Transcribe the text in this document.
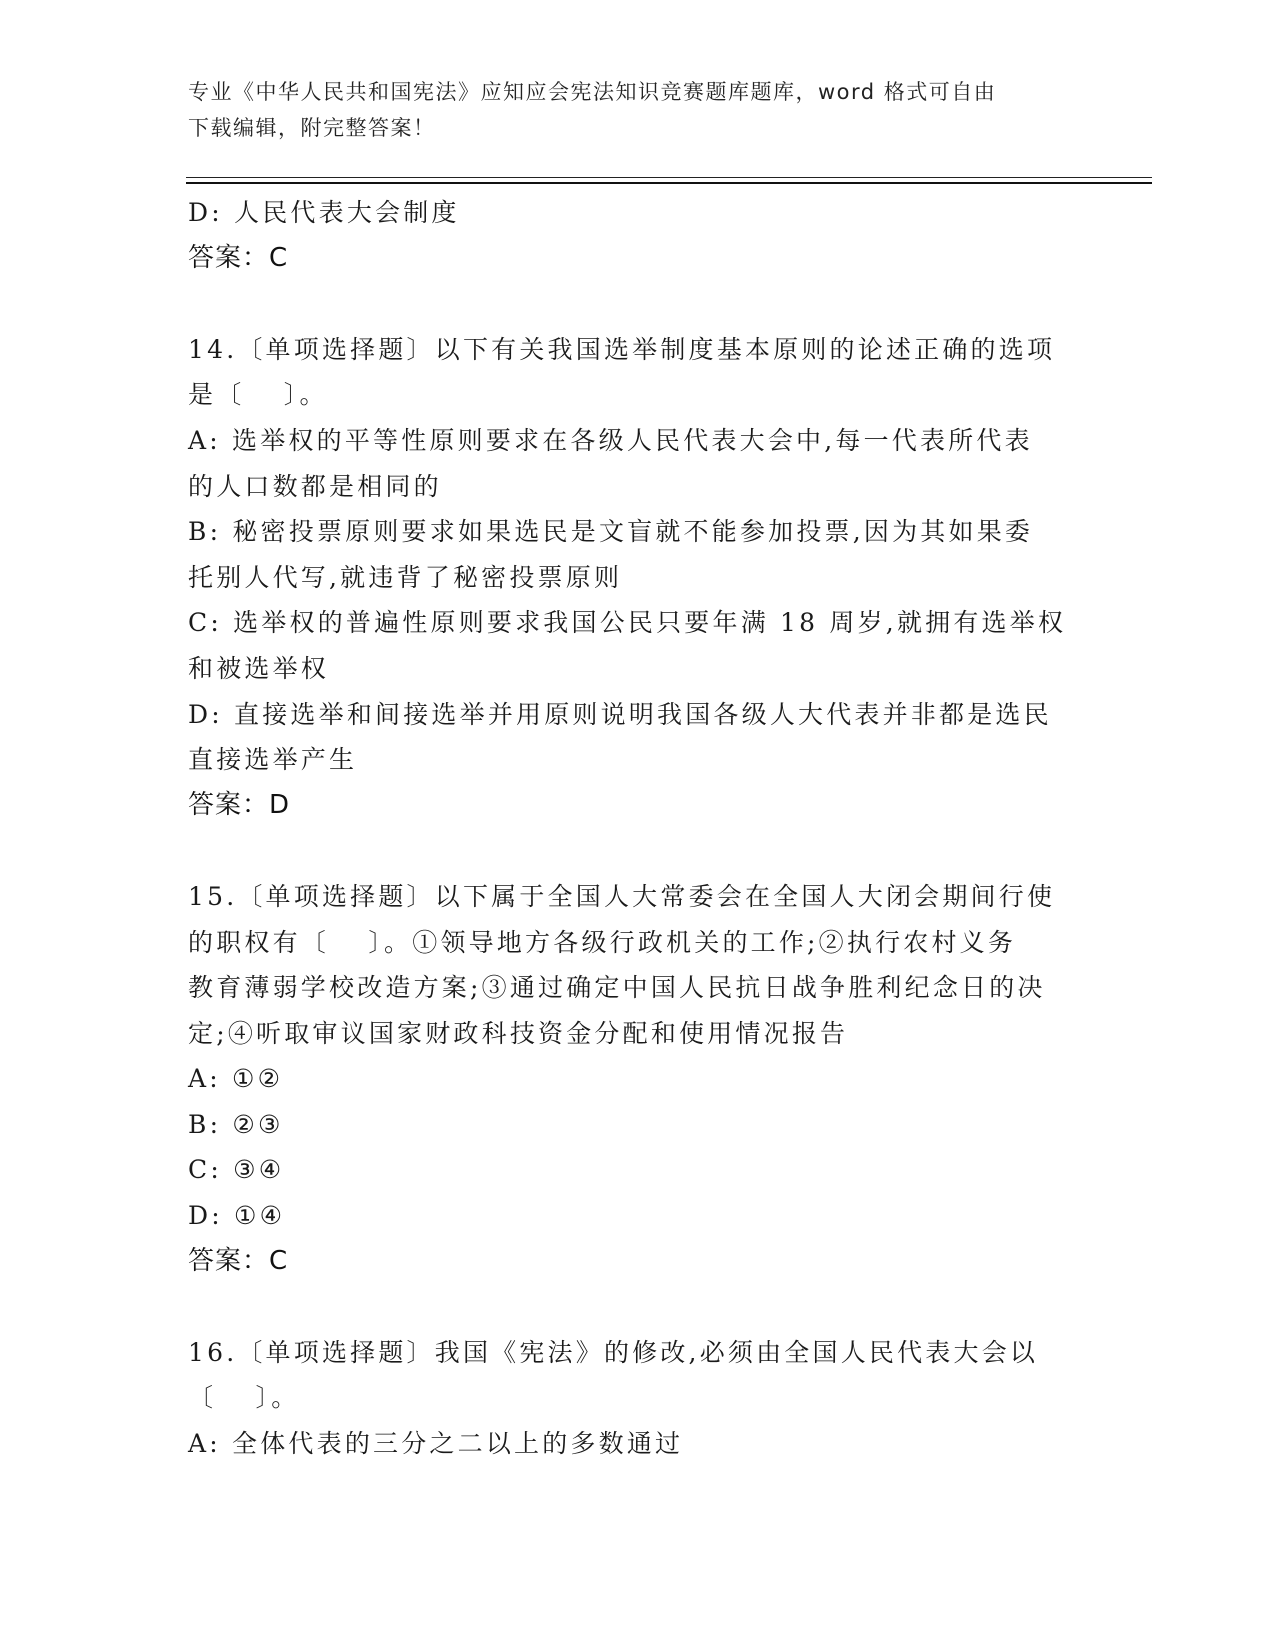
专业《中华人民共和国宪法》应知应会宪法知识竞赛题库题库，word 格式可自由
下载编辑，附完整答案！
D: 人民代表大会制度
答案：C
14.〔单项选择题〕以下有关我国选举制度基本原则的论述正确的选项
是〔　 〕。
A: 选举权的平等性原则要求在各级人民代表大会中,每一代表所代表
的人口数都是相同的
B: 秘密投票原则要求如果选民是文盲就不能参加投票,因为其如果委
托别人代写,就违背了秘密投票原则
C: 选举权的普遍性原则要求我国公民只要年满 18 周岁,就拥有选举权
和被选举权
D: 直接选举和间接选举并用原则说明我国各级人大代表并非都是选民
直接选举产生
答案：D
15.〔单项选择题〕以下属于全国人大常委会在全国人大闭会期间行使
的职权有〔　 〕。①领导地方各级行政机关的工作;②执行农村义务
教育薄弱学校改造方案;③通过确定中国人民抗日战争胜利纪念日的决
定;④听取审议国家财政科技资金分配和使用情况报告
A: ①②
B: ②③
C: ③④
D: ①④
答案：C
16.〔单项选择题〕我国《宪法》的修改,必须由全国人民代表大会以
〔　 〕。
A: 全体代表的三分之二以上的多数通过
